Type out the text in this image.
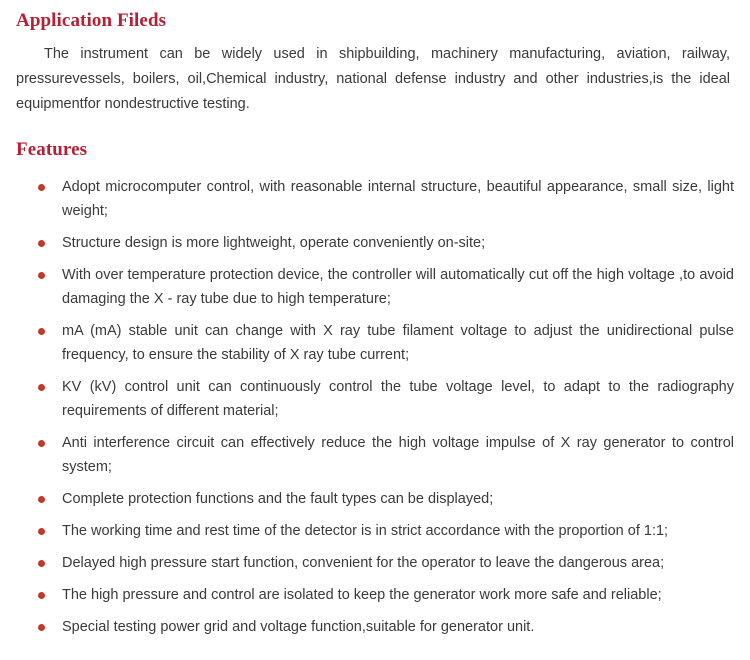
Application Fileds

The instrument can be widely used in shipbuilding, machinery manufacturing, aviation, railway, pressurevessels, boilers, oil,Chemical industry, national defense industry and other industries,is the ideal equipmentfor nondestructive testing.

Features
Adopt microcomputer control, with reasonable internal structure, beautiful appearance, small size, light weight;
Structure design is more lightweight, operate conveniently on-site;
With over temperature protection device, the controller will automatically cut off the high voltage ,to avoid damaging the X - ray tube due to high temperature;
mA (mA) stable unit can change with X ray tube filament voltage to adjust the unidirectional pulse frequency, to ensure the stability of X ray tube current;
KV (kV) control unit can continuously control the tube voltage level, to adapt to the radiography requirements of different material;
Anti interference circuit can effectively reduce the high voltage impulse of X ray generator to control system;
Complete protection functions and the fault types can be displayed;
The working time and rest time of the detector is in strict accordance with the proportion of 1:1;
Delayed high pressure start function, convenient for the operator to leave the dangerous area;
The high pressure and control are isolated to keep the generator work more safe and reliable;
Special testing power grid and voltage function,suitable for generator unit.
